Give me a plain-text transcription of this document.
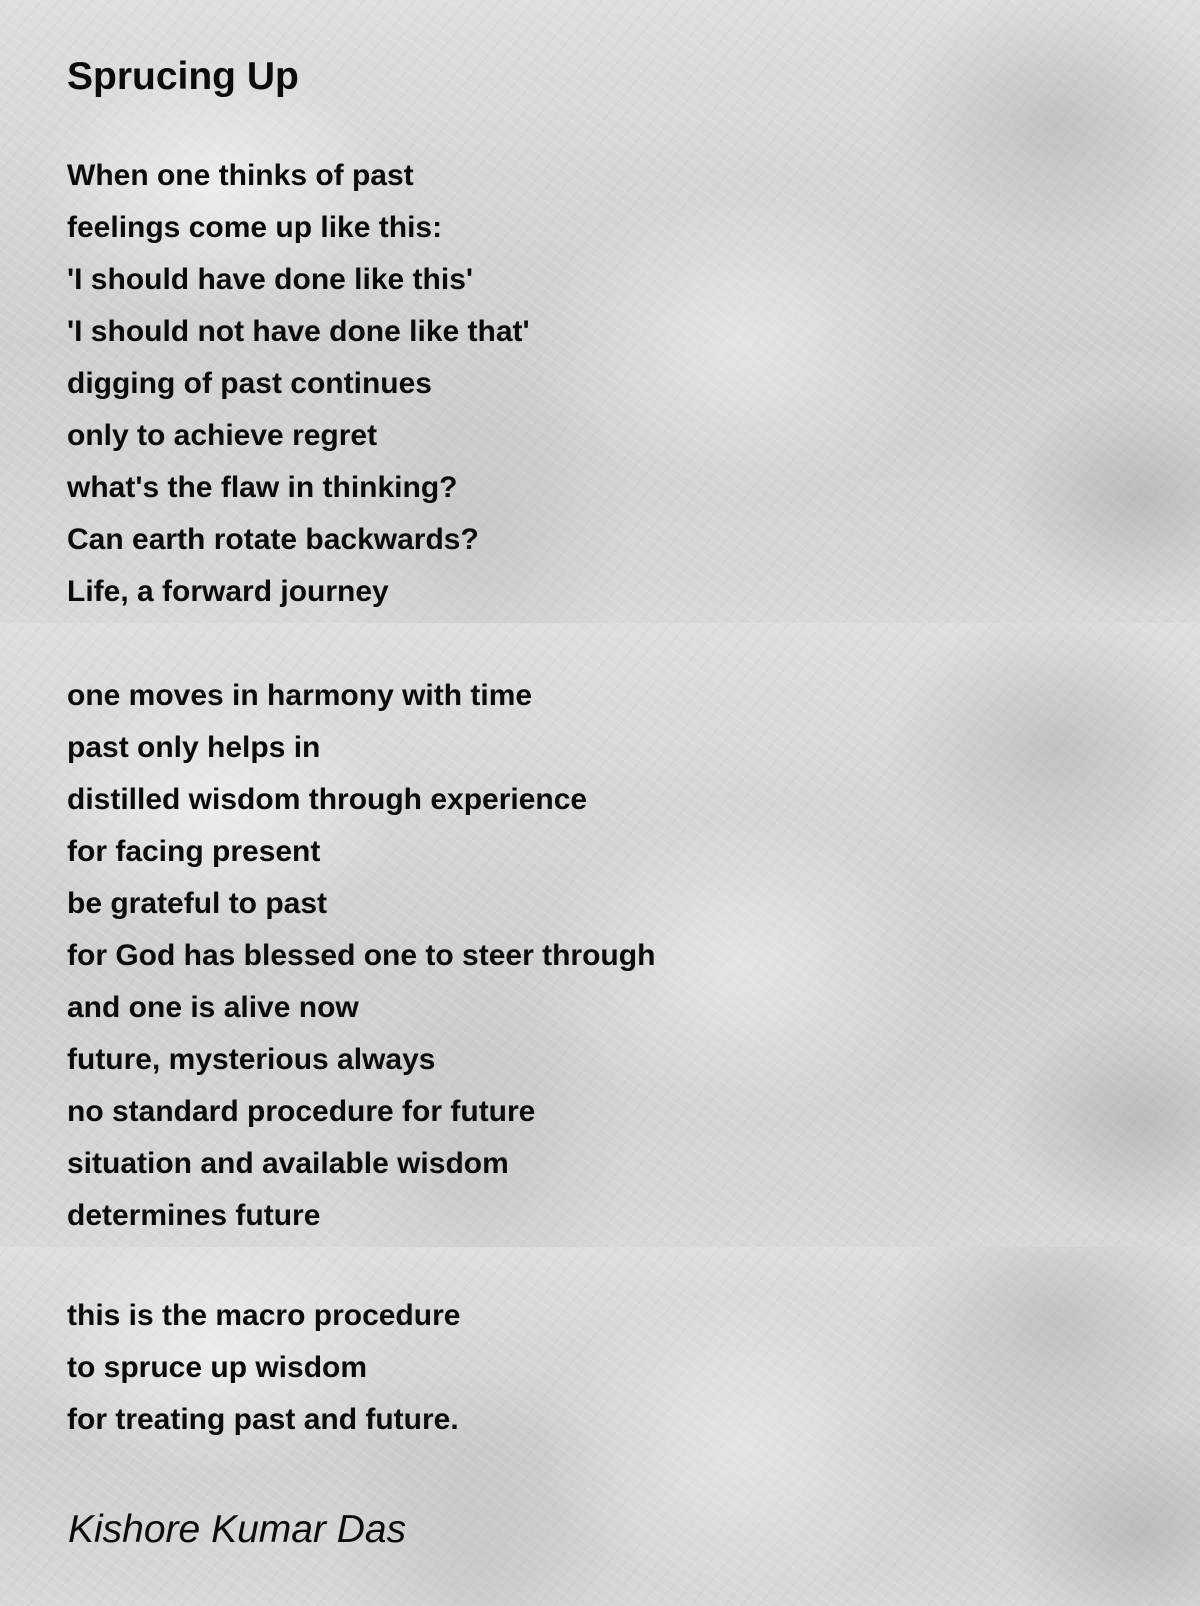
Sprucing Up
When one thinks of past
feelings come up like this:
'I should have done like this'
'I should not have done like that'
digging of past continues
only to achieve regret
what's the flaw in thinking?
Can earth rotate backwards?
Life, a forward journey
one moves in harmony with time
past only helps in
distilled wisdom through experience
for facing present
be grateful to past
for God has blessed one to steer through
and one is alive now
future, mysterious always
no standard procedure for future
situation and available wisdom
determines future
this is the macro procedure
to spruce up wisdom
for treating past and future.

Kishore Kumar Das
